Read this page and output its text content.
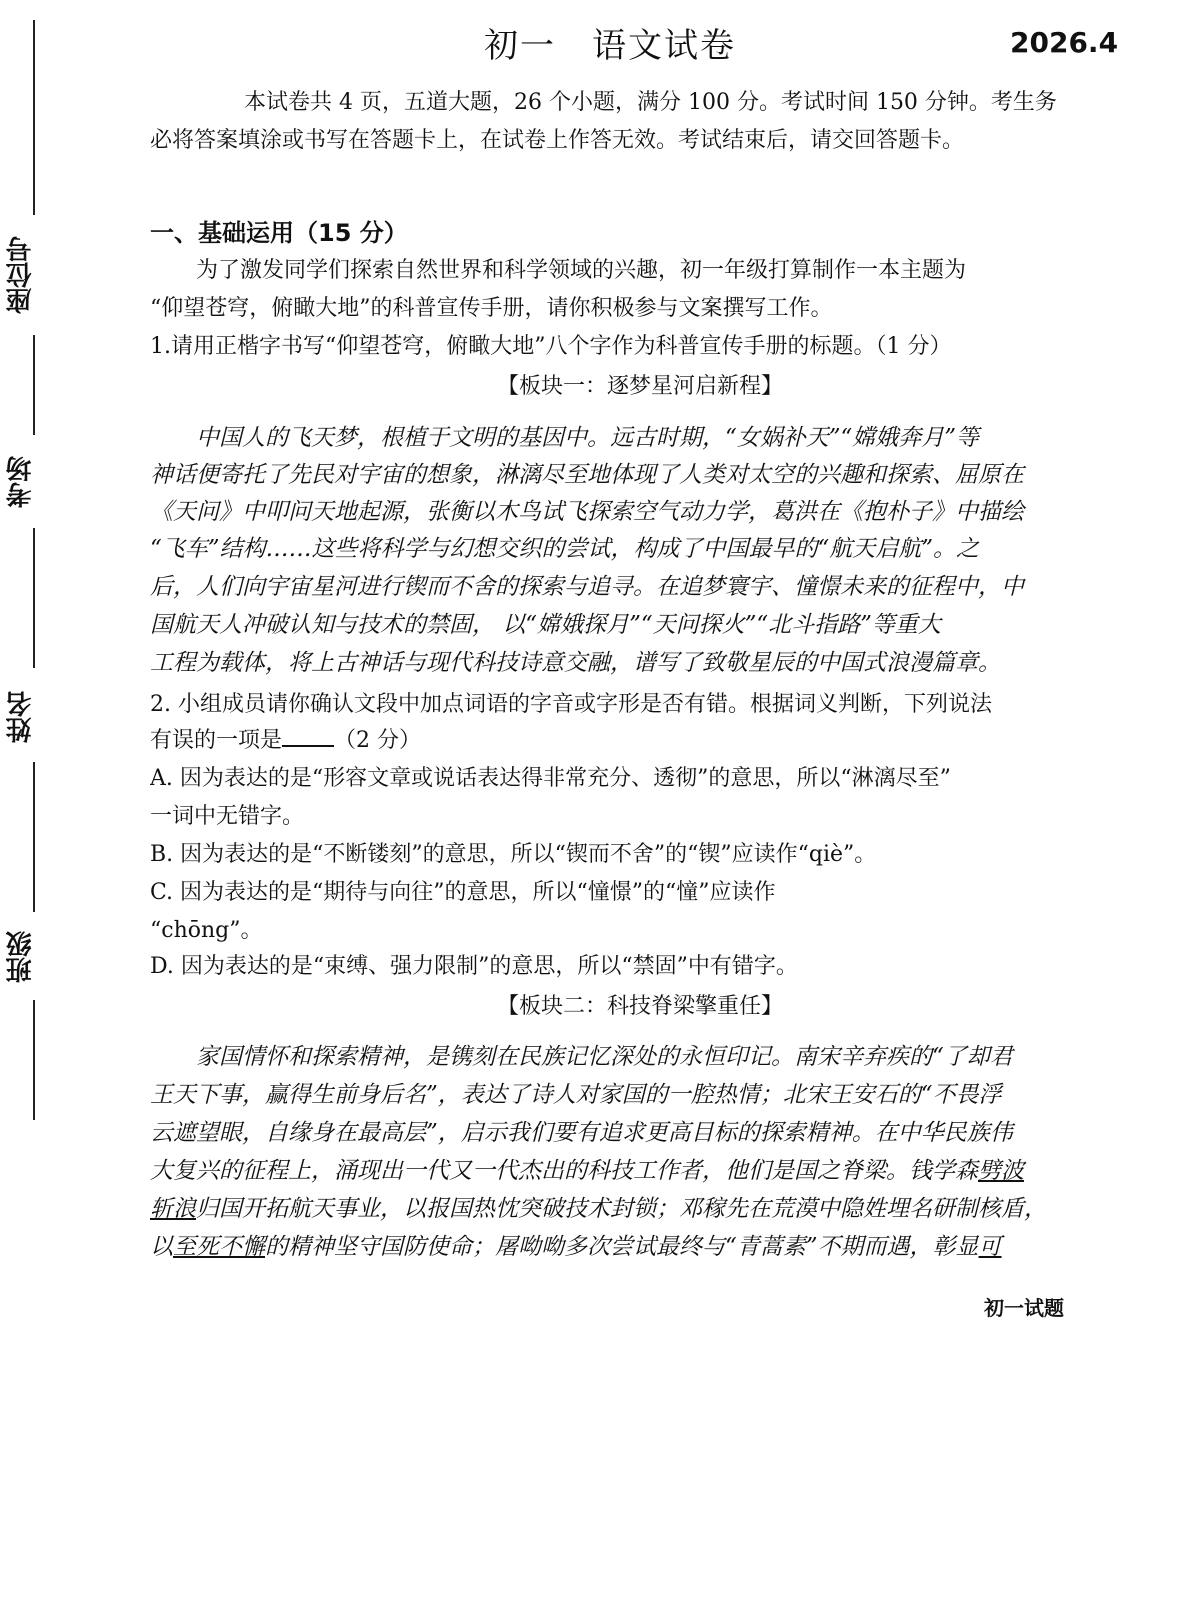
座位号
考场
姓名
班级
初一　语文试卷	2026.4
本试卷共 4 页，五道大题，26 个小题，满分 100 分。考试时间 150 分钟。考生务
必将答案填涂或书写在答题卡上，在试卷上作答无效。考试结束后，请交回答题卡。
一、基础运用（15 分）
为了激发同学们探索自然世界和科学领域的兴趣，初一年级打算制作一本主题为
“仰望苍穹，俯瞰大地”的科普宣传手册，请你积极参与文案撰写工作。
1.请用正楷字书写“仰望苍穹，俯瞰大地”八个字作为科普宣传手册的标题。（1 分）
【板块一：逐梦星河启新程】
中国人的飞天梦，根植于文明的基因中。远古时期，“女娲补天”“嫦娥奔月”等
神话便寄托了先民对宇宙的想象，淋漓尽至地体现了人类对太空的兴趣和探索、屈原在
《天问》中叩问天地起源，张衡以木鸟试飞探索空气动力学，葛洪在《抱朴子》中描绘
“飞车”结构……这些将科学与幻想交织的尝试，构成了中国最早的“航天启航”。之
后，人们向宇宙星河进行锲而不舍的探索与追寻。在追梦寰宇、憧憬未来的征程中，中
国航天人冲破认知与技术的禁固， 以“嫦娥探月”“天问探火”“北斗指路”等重大
工程为载体，将上古神话与现代科技诗意交融，谱写了致敬星辰的中国式浪漫篇章。
2. 小组成员请你确认文段中加点词语的字音或字形是否有错。根据词义判断，下列说法
有误的一项是 （2 分）
A. 因为表达的是“形容文章或说话表达得非常充分、透彻”的意思，所以“淋漓尽至”
一词中无错字。
B. 因为表达的是“不断镂刻”的意思，所以“锲而不舍”的“锲”应读作“qiè”。
C. 因为表达的是“期待与向往”的意思，所以“憧憬”的“憧”应读作
“chōng”。
D. 因为表达的是“束缚、强力限制”的意思，所以“禁固”中有错字。
【板块二：科技脊梁擎重任】
家国情怀和探索精神，是镌刻在民族记忆深处的永恒印记。南宋辛弃疾的“了却君
王天下事，赢得生前身后名”，表达了诗人对家国的一腔热情；北宋王安石的“不畏浮
云遮望眼，自缘身在最高层”，启示我们要有追求更高目标的探索精神。在中华民族伟
大复兴的征程上，涌现出一代又一代杰出的科技工作者，他们是国之脊梁。钱学森劈波
斩浪归国开拓航天事业，以报国热忱突破技术封锁；邓稼先在荒漠中隐姓埋名研制核盾，
以至死不懈的精神坚守国防使命；屠呦呦多次尝试最终与“青蒿素”不期而遇，彰显可
初一试题
